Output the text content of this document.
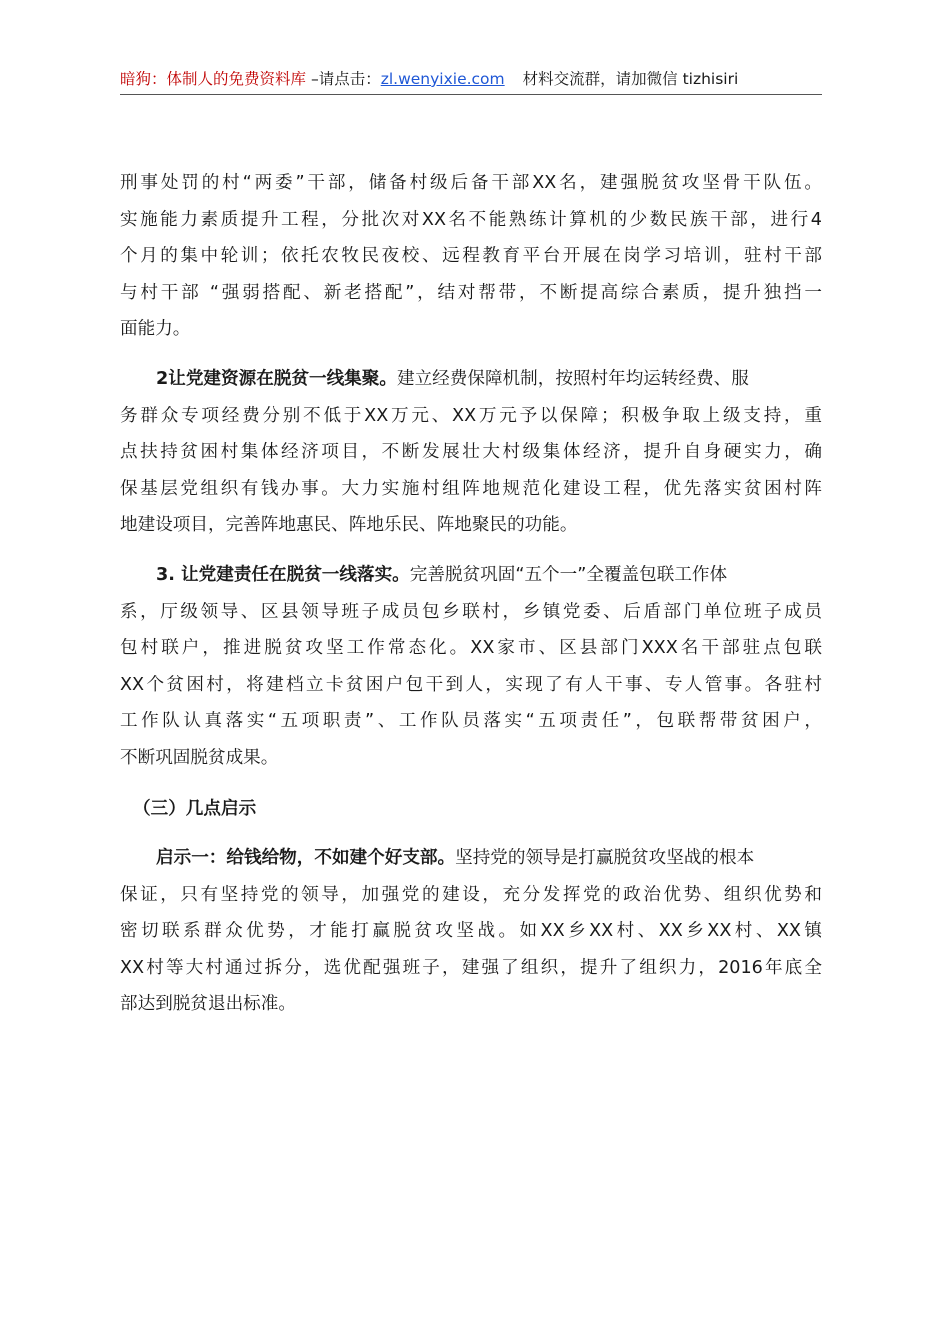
暗狗：体制人的免费资料库 –请点击：zl.wenyixie.com 材料交流群，请加微信 tizhisiri
刑事处罚的村“两委”干部，储备村级后备干部XX名，建强脱贫攻坚骨干队伍。
实施能力素质提升工程，分批次对XX名不能熟练计算机的少数民族干部，进行4
个月的集中轮训；依托农牧民夜校、远程教育平台开展在岗学习培训，驻村干部
与村干部 “强弱搭配、新老搭配”，结对帮带，不断提高综合素质，提升独挡一
面能力。
2让党建资源在脱贫一线集聚。建立经费保障机制，按照村年均运转经费、服
务群众专项经费分别不低于XX万元、XX万元予以保障；积极争取上级支持，重
点扶持贫困村集体经济项目，不断发展壮大村级集体经济，提升自身硬实力，确
保基层党组织有钱办事。大力实施村组阵地规范化建设工程，优先落实贫困村阵
地建设项目，完善阵地惠民、阵地乐民、阵地聚民的功能。
3. 让党建责任在脱贫一线落实。完善脱贫巩固“五个一”全覆盖包联工作体
系，厅级领导、区县领导班子成员包乡联村，乡镇党委、后盾部门单位班子成员
包村联户，推进脱贫攻坚工作常态化。XX家市、区县部门XXX名干部驻点包联
XX个贫困村，将建档立卡贫困户包干到人，实现了有人干事、专人管事。各驻村
工作队认真落实“五项职责”、工作队员落实“五项责任”，包联帮带贫困户，
不断巩固脱贫成果。
（三）几点启示
启示一：给钱给物，不如建个好支部。坚持党的领导是打赢脱贫攻坚战的根本
保证，只有坚持党的领导，加强党的建设，充分发挥党的政治优势、组织优势和
密切联系群众优势，才能打赢脱贫攻坚战。如XX乡XX村、XX乡XX村、XX镇
XX村等大村通过拆分，选优配强班子，建强了组织，提升了组织力，2016年底全
部达到脱贫退出标准。
